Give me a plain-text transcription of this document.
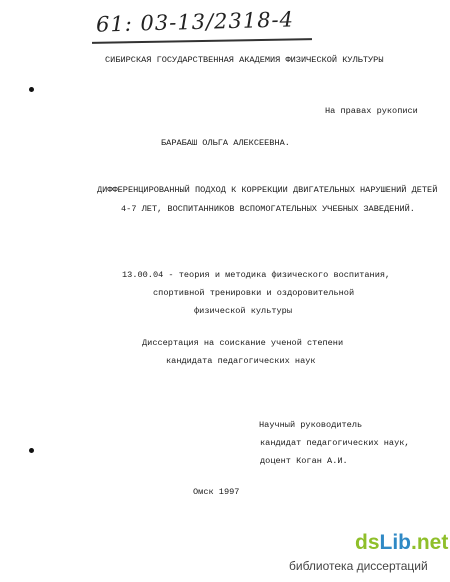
61: 03-13/2318-4
СИБИРСКАЯ ГОСУДАРСТВЕННАЯ АКАДЕМИЯ ФИЗИЧЕСКОЙ КУЛЬТУРЫ
На правах рукописи
БАРАБАШ ОЛЬГА АЛЕКСЕЕВНА.
ДИФФЕРЕНЦИРОВАННЫЙ ПОДХОД К КОРРЕКЦИИ ДВИГАТЕЛЬНЫХ НАРУШЕНИЙ ДЕТЕЙ
4-7 ЛЕТ, ВОСПИТАННИКОВ ВСПОМОГАТЕЛЬНЫХ УЧЕБНЫХ ЗАВЕДЕНИЙ.
13.00.04 - теория и методика физического воспитания,
спортивной тренировки и оздоровительной
физической культуры
Диссертация на соискание ученой степени
кандидата педагогических наук
Научный руководитель
кандидат педагогических наук,
доцент Коган А.И.
Омск 1997
dsLib.net
библиотека диссертаций
